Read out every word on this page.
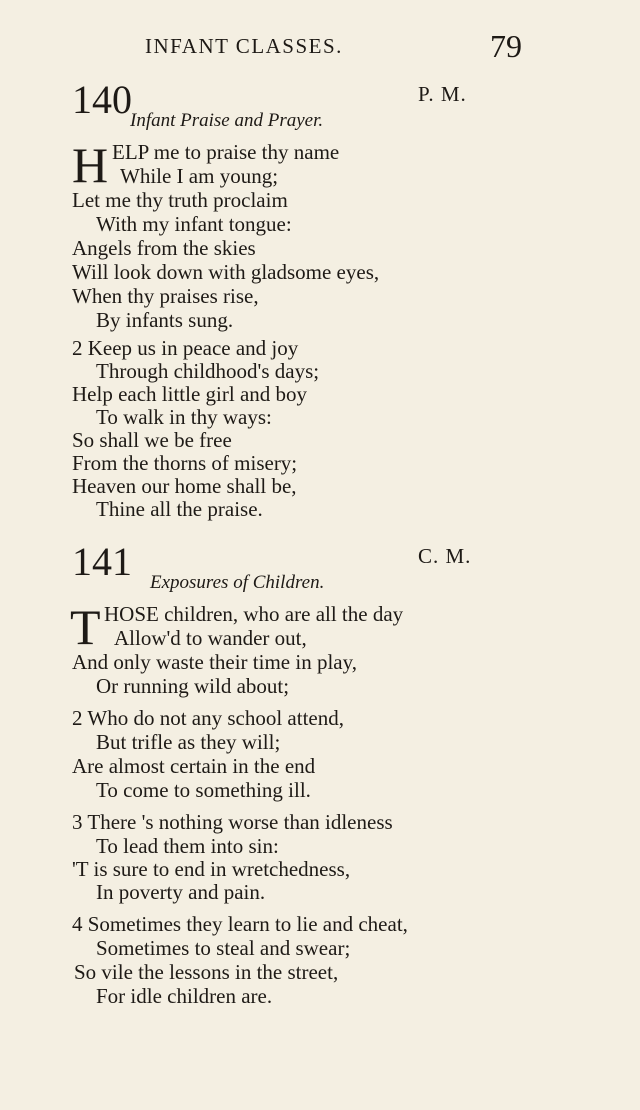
INFANT CLASSES.	79
140	P. M.
Infant Praise and Prayer.
H ELP me to praise thy name
While I am young;
Let me thy truth proclaim
With my infant tongue:
Angels from the skies
Will look down with gladsome eyes,
When thy praises rise,
By infants sung.
2 Keep us in peace and joy
Through childhood's days;
Help each little girl and boy
To walk in thy ways:
So shall we be free
From the thorns of misery;
Heaven our home shall be,
Thine all the praise.
141	C. M.
Exposures of Children.
T HOSE children, who are all the day
Allow'd to wander out,
And only waste their time in play,
Or running wild about;
2 Who do not any school attend,
But trifle as they will;
Are almost certain in the end
To come to something ill.
3 There 's nothing worse than idleness
To lead them into sin:
'T is sure to end in wretchedness,
In poverty and pain.
4 Sometimes they learn to lie and cheat,
Sometimes to steal and swear;
So vile the lessons in the street,
For idle children are.
